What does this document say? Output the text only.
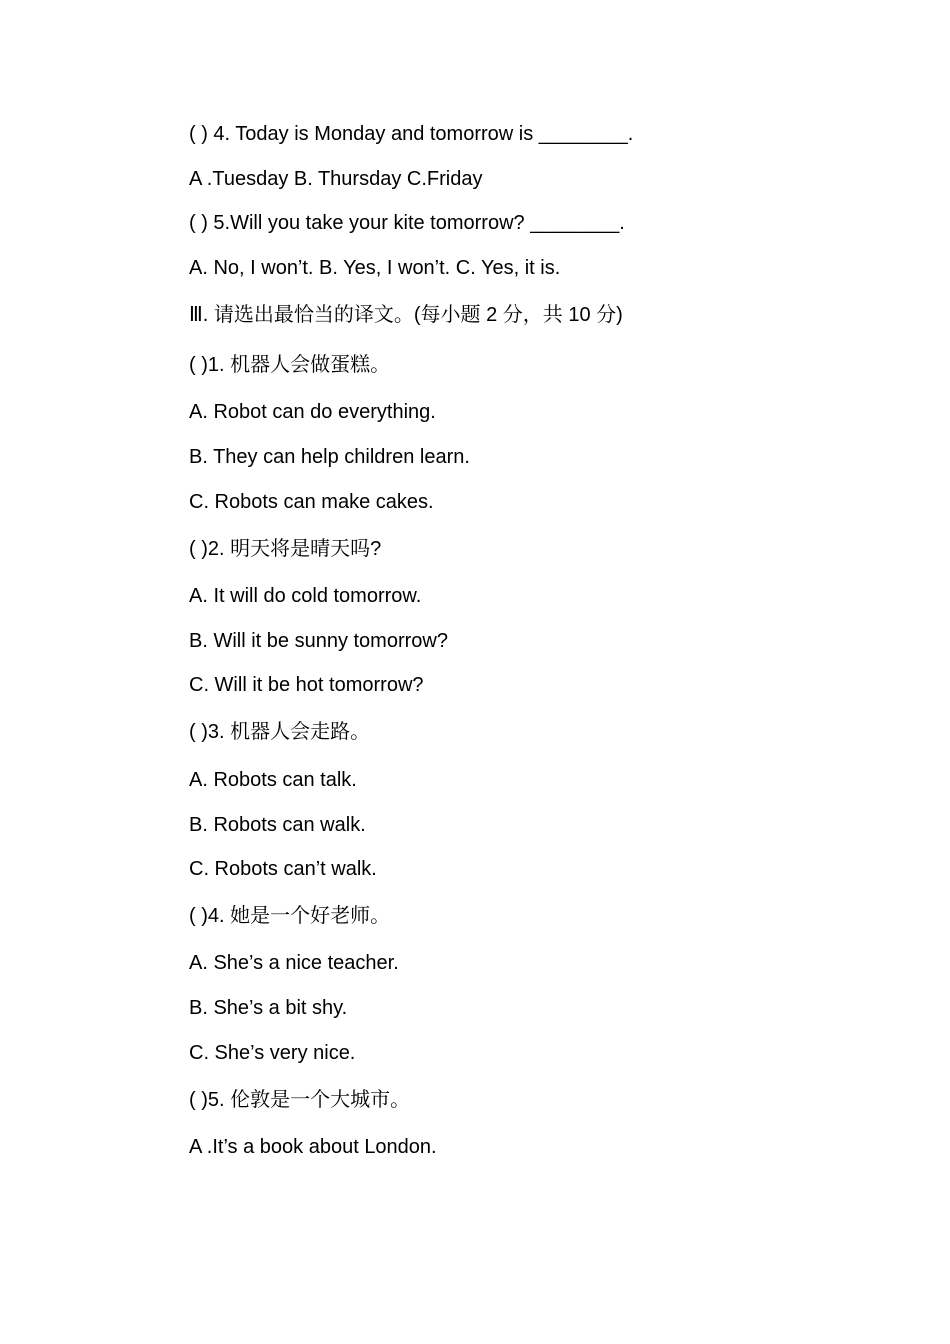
( ) 4. Today is Monday and tomorrow is ________.
A .Tuesday B. Thursday C.Friday
( ) 5.Will you take your kite tomorrow? ________.
A. No, I won’t. B. Yes, I won’t. C. Yes, it is.
Ⅲ. 请选出最恰当的译文。(每小题 2 分，共 10 分)
( )1. 机器人会做蛋糕。
A. Robot can do everything.
B. They can help children learn.
C. Robots can make cakes.
( )2. 明天将是晴天吗?
A. It will do cold tomorrow.
B. Will it be sunny tomorrow?
C. Will it be hot tomorrow?
( )3. 机器人会走路。
A. Robots can talk.
B. Robots can walk.
C. Robots can’t walk.
( )4. 她是一个好老师。
A. She’s a nice teacher.
B. She’s a bit shy.
C. She’s very nice.
( )5. 伦敦是一个大城市。
A .It’s a book about London.
